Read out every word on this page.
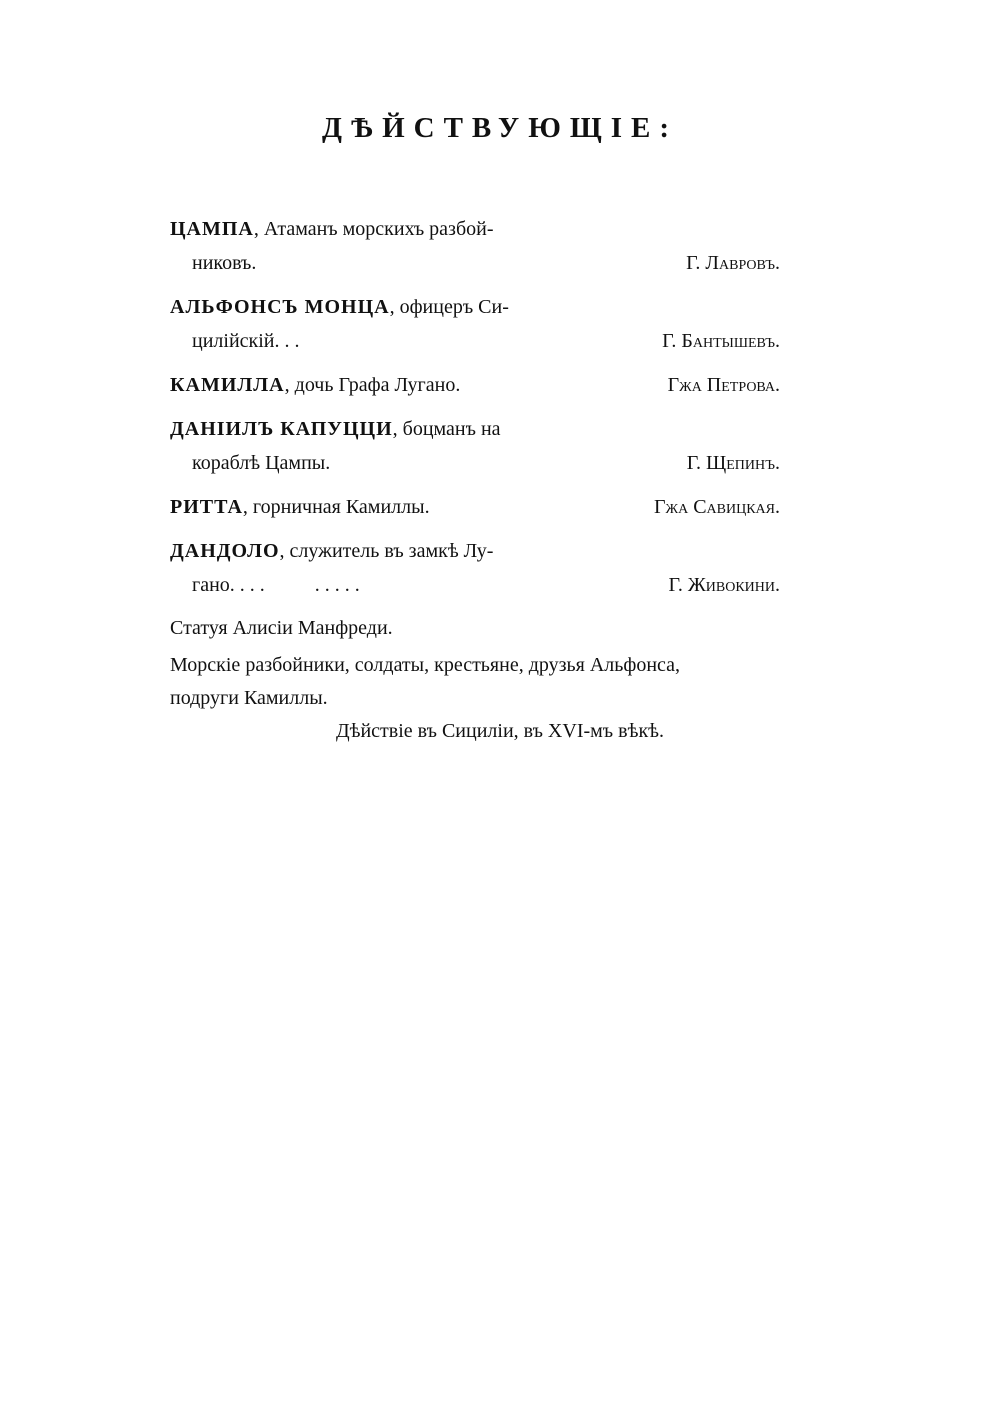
ДѢЙСТВУЮЩІЕ:
ЦАМПА, Атаманъ морскихъ разбой-
никовъ.	Г. Лавровъ.
АЛЬФОНСЪ МОНЦА, офицеръ Си-
цилійскій. . .	Г. Бантышевъ.
КАМИЛЛА, дочь Графа Лугано.	Гжа Петрова.
ДАНІИЛЪ КАПУЦЦИ, боцманъ на
кораблѣ Цампы.	Г. Щепинъ.
РИТТА, горничная Камиллы.	Гжа Савицкая.
ДАНДОЛО, служитель въ замкѣ Лу-
гано. . . .          . . . . .	Г. Живокини.
Статуя Алисіи Манфреди.
Морскіе разбойники, солдаты, крестьяне, друзья Альфонса,
подруги Камиллы.
Дѣйствіе въ Сициліи, въ XVI-мъ вѣкѣ.
